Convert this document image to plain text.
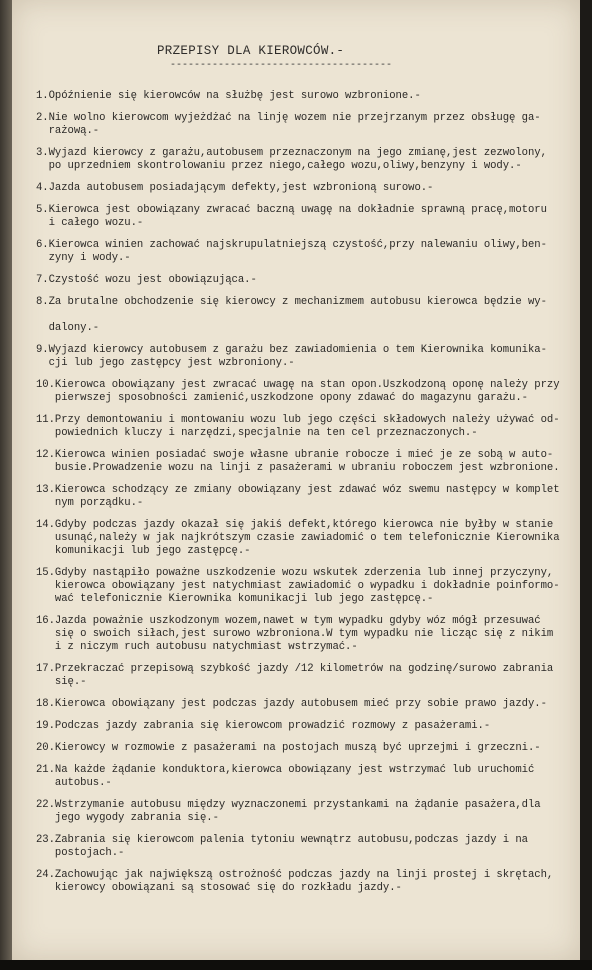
PRZEPISY DLA KIEROWCÓW.-
-------------------------------------
1.Opóźnienie się kierowców na służbę jest surowo wzbronione.-
2.Nie wolno kierowcom wyjeżdżać na linję wozem nie przejrzanym przez obsługę ga-
rażową.-
3.Wyjazd kierowcy z garażu,autobusem przeznaczonym na jego zmianę,jest zezwolony,
po uprzedniem skontrolowaniu przez niego,całego wozu,oliwy,benzyny i wody.-
4.Jazda autobusem posiadającym defekty,jest wzbronioną surowo.-
5.Kierowca jest obowiązany zwracać baczną uwagę na dokładnie sprawną pracę,motoru
i całego wozu.-
6.Kierowca winien zachować najskrupulatniejszą czystość,przy nalewaniu oliwy,ben-
zyny i wody.-
7.Czystość wozu jest obowiązująca.-
8.Za brutalne obchodzenie się kierowcy z mechanizmem autobusu kierowca będzie wy-

dalony.-
9.Wyjazd kierowcy autobusem z garażu bez zawiadomienia o tem Kierownika komunika-
cji lub jego zastępcy jest wzbroniony.-
10.Kierowca obowiązany jest zwracać uwagę na stan opon.Uszkodzoną oponę należy przy
pierwszej sposobności zamienić,uszkodzone opony zdawać do magazynu garażu.-
11.Przy demontowaniu i montowaniu wozu lub jego części składowych należy używać od-
powiednich kluczy i narzędzi,specjalnie na ten cel przeznaczonych.-
12.Kierowca winien posiadać swoje własne ubranie robocze i mieć je ze sobą w auto-
busie.Prowadzenie wozu na linji z pasażerami w ubraniu roboczem jest wzbronione.
13.Kierowca schodzący ze zmiany obowiązany jest zdawać wóz swemu następcy w komplet
nym porządku.-
14.Gdyby podczas jazdy okazał się jakiś defekt,którego kierowca nie byłby w stanie
usunąć,należy w jak najkrótszym czasie zawiadomić o tem telefonicznie Kierownika
komunikacji lub jego zastępcę.-
15.Gdyby nastąpiło poważne uszkodzenie wozu wskutek zderzenia lub innej przyczyny,
kierowca obowiązany jest natychmiast zawiadomić o wypadku i dokładnie poinformo-
wać telefonicznie Kierownika komunikacji lub jego zastępcę.-
16.Jazda poważnie uszkodzonym wozem,nawet w tym wypadku gdyby wóz mógł przesuwać
się o swoich siłach,jest surowo wzbroniona.W tym wypadku nie licząc się z nikim
i z niczym ruch autobusu natychmiast wstrzymać.-
17.Przekraczać przepisową szybkość jazdy /12 kilometrów na godzinę/surowo zabrania
się.-
18.Kierowca obowiązany jest podczas jazdy autobusem mieć przy sobie prawo jazdy.-
19.Podczas jazdy zabrania się kierowcom prowadzić rozmowy z pasażerami.-
20.Kierowcy w rozmowie z pasażerami na postojach muszą być uprzejmi i grzeczni.-
21.Na każde żądanie konduktora,kierowca obowiązany jest wstrzymać lub uruchomić
autobus.-
22.Wstrzymanie autobusu między wyznaczonemi przystankami na żądanie pasażera,dla
jego wygody zabrania się.-
23.Zabrania się kierowcom palenia tytoniu wewnątrz autobusu,podczas jazdy i na
postojach.-
24.Zachowując jak największą ostrożność podczas jazdy na linji prostej i skrętach,
kierowcy obowiązani są stosować się do rozkładu jazdy.-
